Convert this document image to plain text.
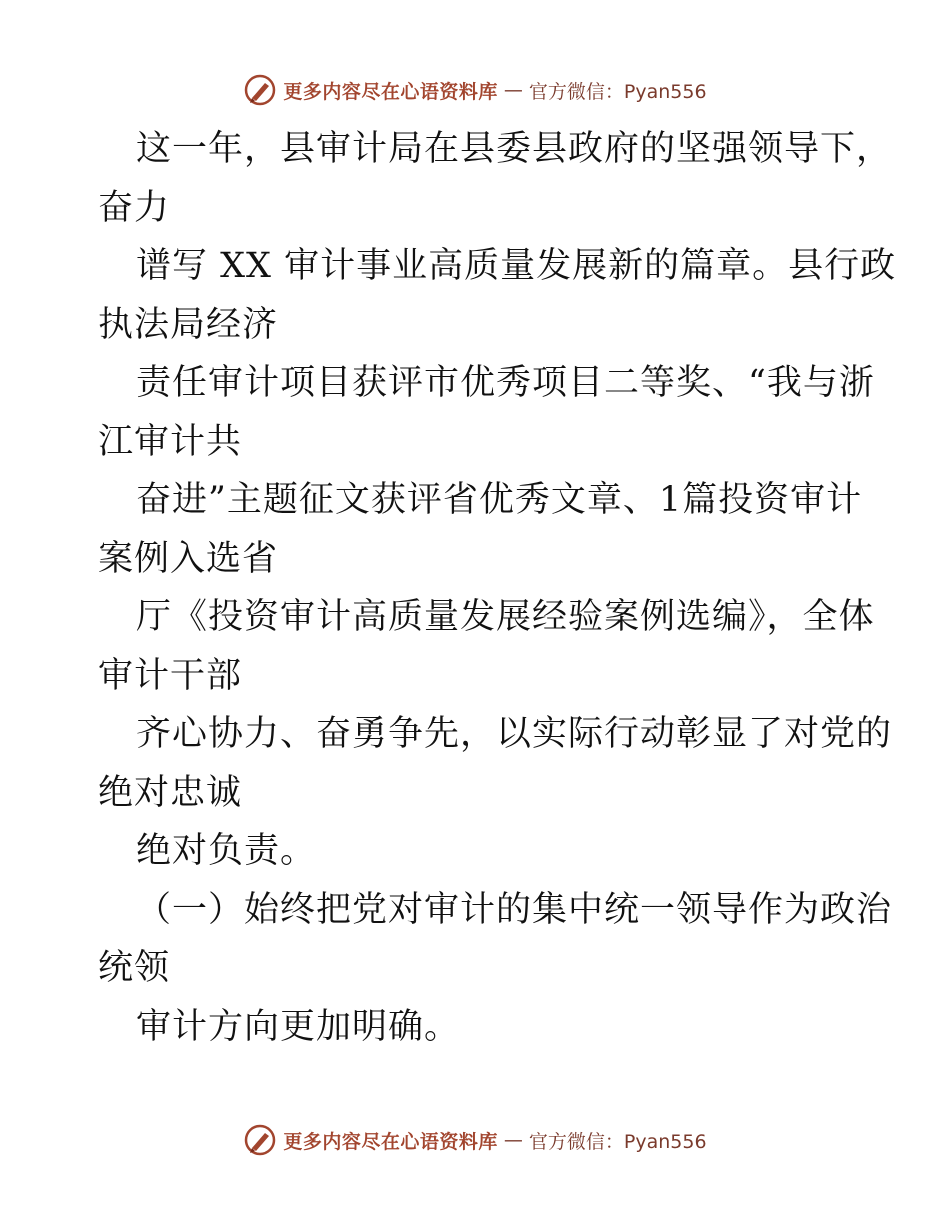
更多内容尽在心语资料库 — 官方微信：Pyan556
这一年，县审计局在县委县政府的坚强领导下，
奋力
谱写 XX 审计事业高质量发展新的篇章。县行政
执法局经济
责任审计项目获评市优秀项目二等奖、“我与浙
江审计共
奋进”主题征文获评省优秀文章、1篇投资审计
案例入选省
厅《投资审计高质量发展经验案例选编》，全体
审计干部
齐心协力、奋勇争先，以实际行动彰显了对党的
绝对忠诚
绝对负责。
（一）始终把党对审计的集中统一领导作为政治
统领
审计方向更加明确。
更多内容尽在心语资料库 — 官方微信：Pyan556
